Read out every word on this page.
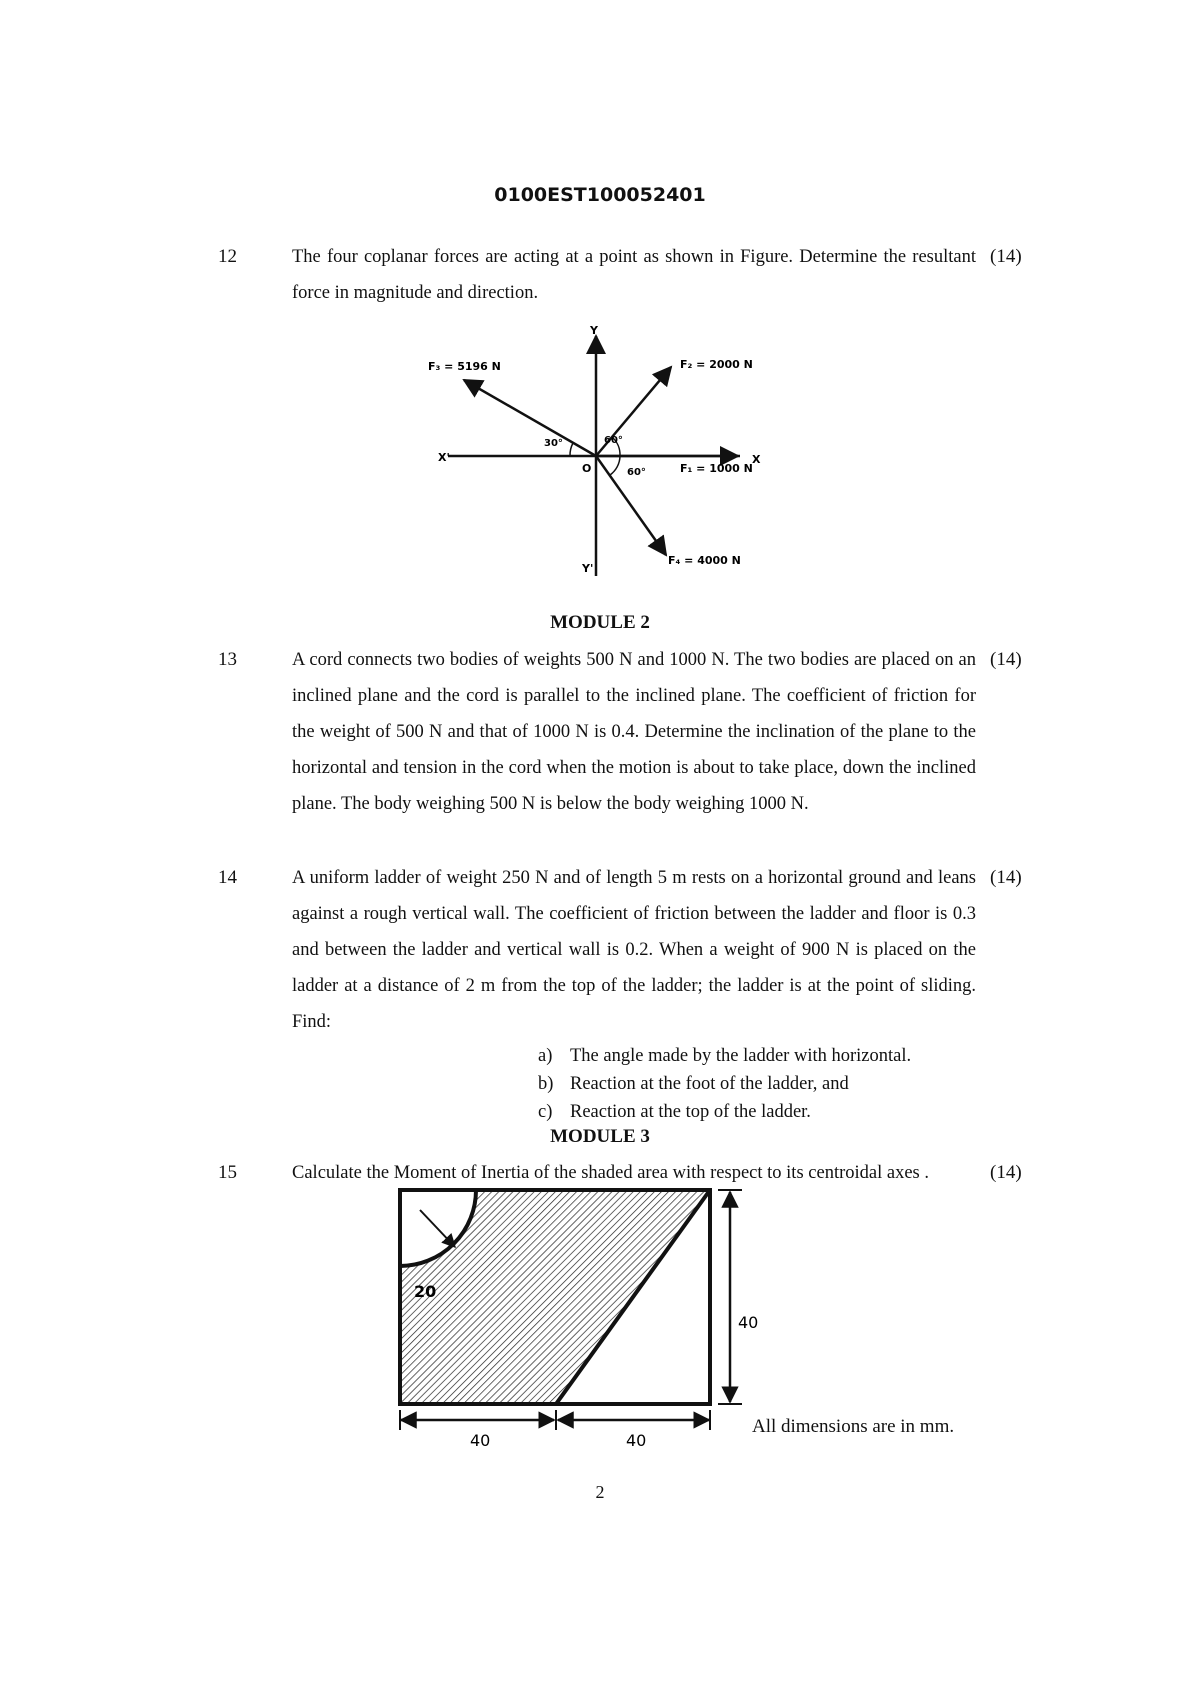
0100EST100052401
12	The four coplanar forces are acting at a point as shown in Figure. Determine the resultant force in magnitude and direction.
(14)
Y
Y'
X
X'
O	F₁ = 1000 N
F₂ = 2000 N
F₃ = 5196 N
F₄ = 4000 N
30°	60°
60°
MODULE 2
13	A cord connects two bodies of weights 500 N and 1000 N. The two bodies are placed on an inclined plane and the cord is parallel to the inclined plane. The coefficient of friction for the weight of 500 N and that of 1000 N is 0.4. Determine the inclination of the plane to the horizontal and tension in the cord when the motion is about to take place, down the inclined plane. The body weighing 500 N is below the body weighing 1000 N.
(14)
14	A uniform ladder of weight 250 N and of length 5 m rests on a horizontal ground and leans against a rough vertical wall. The coefficient of friction between the ladder and floor is 0.3 and between the ladder and vertical wall is 0.2. When a weight of 900 N is placed on the ladder at a distance of 2 m from the top of the ladder; the ladder is at the point of sliding. Find:
(14)
a) The angle made by the ladder with horizontal.
b) Reaction at the foot of the ladder, and
c) Reaction at the top of the ladder.
MODULE 3
15	Calculate the Moment of Inertia of the shaded area with respect to its centroidal axes .	(14)
20
40
40	40
All dimensions are in mm.
2
